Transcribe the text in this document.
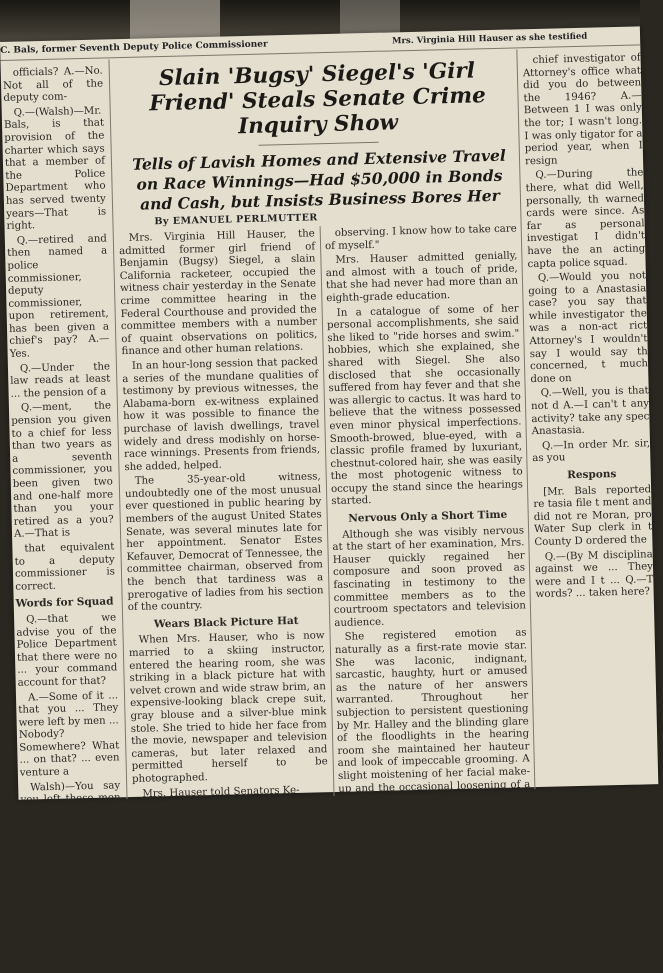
C. Bals, former Seventh Deputy Police Commissioner
Mrs. Virginia Hill Hauser as she testified
Slain 'Bugsy' Siegel's 'Girl Friend' Steals Senate Crime Inquiry Show
Tells of Lavish Homes and Extensive Travel on Race Winnings—Had $50,000 in Bonds and Cash, but Insists Business Bores Her
By EMANUEL PERLMUTTER

officials? A.—No. Not all of the deputy com-

Q.—(Walsh)—Mr. Bals, is that provision of the charter which says that a member of the Police Department who has served twenty years—That is right.

Q.—retired and then named a police commissioner, deputy commissioner, upon retirement, has been given a chief's pay? A.—Yes.

Q.—Under the law reads at least ... the pension of a

Q.—ment, the pension you given to a chief for less than two years as a seventh commissioner, you been given two and one-half more than you your retired as a you? A.—That is

that equivalent to a deputy commissioner is correct.

Words for Squad

Q.—that we advise you of the Police Department that there were no ... your command account for that?

A.—Some of it ... that you ... They were left by men ... Nobody? Somewhere? What ... on that? ... even venture a

Walsh)—You say you left these men absolutely sure

... tell us during period your findings the police in York? A.—I gations. My information the results of Q.—The daily of the criminal ... in refer-robberies, ... no record of it. ... justify the

Mrs. Virginia Hill Hauser, the admitted former girl friend of Benjamin (Bugsy) Siegel, a slain California racketeer, occupied the witness chair yesterday in the Senate crime committee hearing in the Federal Courthouse and provided the committee members with a number of quaint observations on politics, finance and other human relations.

In an hour-long session that packed a series of the mundane qualities of testimony by previous witnesses, the Alabama-born ex-witness explained how it was possible to finance the purchase of lavish dwellings, travel widely and dress modishly on horse-race winnings. Presents from friends, she added, helped.

The 35-year-old witness, undoubtedly one of the most unusual ever questioned in public hearing by members of the august United States Senate, was several minutes late for her appointment. Senator Estes Kefauver, Democrat of Tennessee, the committee chairman, observed from the bench that tardiness was a prerogative of ladies from his section of the country.

Wears Black Picture Hat

When Mrs. Hauser, who is now married to a skiing instructor, entered the hearing room, she was striking in a black picture hat with velvet crown and wide straw brim, an expensive-looking black crepe suit, gray blouse and a silver-blue mink stole. She tried to hide her face from the movie, newspaper and television cameras, but later relaxed and permitted herself to be photographed.

Mrs. Hauser told Senators Ke-

observing. I know how to take care of myself."

Mrs. Hauser admitted genially, and almost with a touch of pride, that she had never had more than an eighth-grade education.

In a catalogue of some of her personal accomplishments, she said she liked to "ride horses and swim." hobbies, which she explained, she shared with Siegel. She also disclosed that she occasionally suffered from hay fever and that she was allergic to cactus. It was hard to believe that the witness possessed even minor physical imperfections. Smooth-browed, blue-eyed, with a classic profile framed by luxuriant, chestnut-colored hair, she was easily the most photogenic witness to occupy the stand since the hearings started.

Nervous Only a Short Time

Although she was visibly nervous at the start of her examination, Mrs. Hauser quickly regained her composure and soon proved as fascinating in testimony to the committee members as to the courtroom spectators and television audience.

She registered emotion as naturally as a first-rate movie star. She was laconic, indignant, sarcastic, haughty, hurt or amused as the nature of her answers warranted. Throughout her subjection to persistent questioning by Mr. Halley and the blinding glare of the floodlights in the hearing room she maintained her hauteur and look of impeccable grooming. A slight moistening of her facial make-up and the occasional loosening of a stray strand of hair seemed the only admission that

chief investigator of Attorney's office what did you do between the 1946? A.—Between 1 I was only the tor; I wasn't long. I was only tigator for a period year, when I resign

Q.—During the there, what did Well, personally, th warned cards were since. As far as personal investigat I didn't have the an acting capta police squad.

Q.—Would you not going to a Anastasia case? you say that while investigator the was a non-act rict Attorney's I wouldn't say I would say th concerned, t much done on

Q.—Well, you is that not d A.—I can't t any activity? take any spec Anastasia.

Q.—In order Mr. sir, as you

Respons

[Mr. Bals reported re tasia file t ment and did not re Moran, pro Water Sup clerk in t County D ordered the

Q.—(By M disciplina against we ... They were and I t ... Q.—T words? ... taken here?
